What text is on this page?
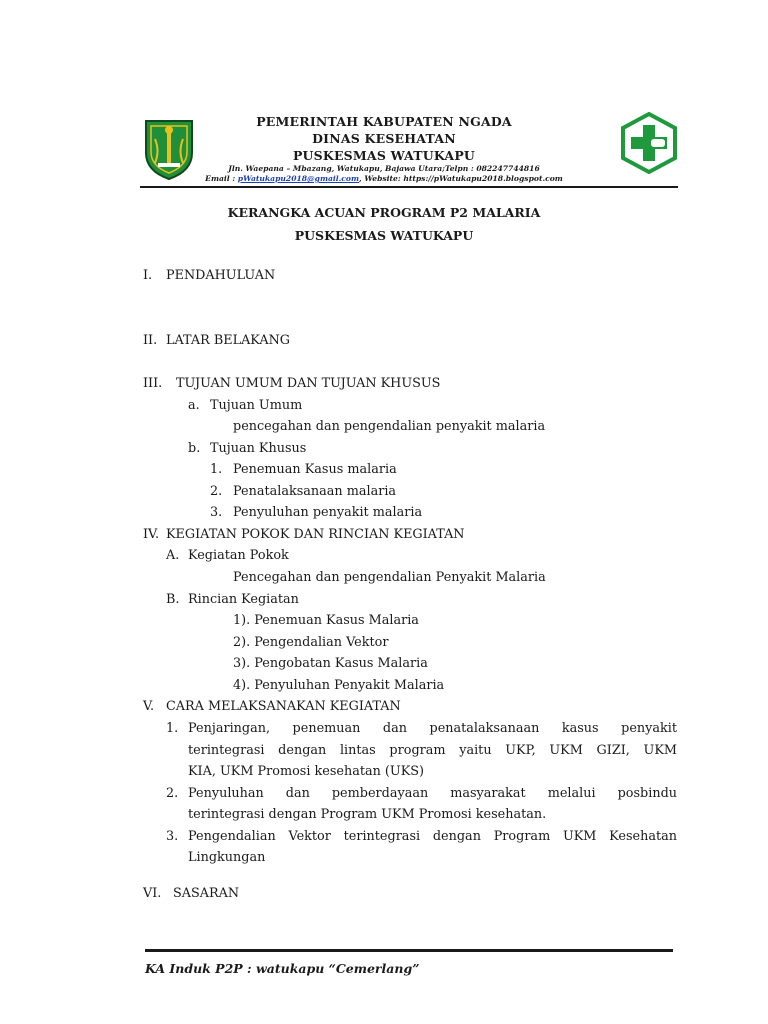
PEMERINTAH KABUPATEN NGADA
DINAS KESEHATAN
PUSKESMAS WATUKAPU
Jln. Waepana – Mbazang, Watukapu, Bajawa Utara;Telpn : 082247744816
Email : pWatukapu2018@gmail.com, Website: https://pWatukapu2018.blogspot.com
KERANGKA ACUAN PROGRAM P2 MALARIA
PUSKESMAS WATUKAPU
I. PENDAHULUAN
II. LATAR BELAKANG
III. TUJUAN UMUM DAN TUJUAN KHUSUS
a. Tujuan Umum
pencegahan dan pengendalian penyakit malaria
b. Tujuan Khusus
1. Penemuan Kasus malaria
2. Penatalaksanaan malaria
3. Penyuluhan penyakit malaria
IV. KEGIATAN POKOK DAN RINCIAN KEGIATAN
A. Kegiatan Pokok
Pencegahan dan pengendalian Penyakit Malaria
B. Rincian Kegiatan
1). Penemuan Kasus Malaria
2). Pengendalian Vektor
3). Pengobatan Kasus Malaria
4). Penyuluhan Penyakit Malaria
V. CARA MELAKSANAKAN KEGIATAN
1. Penjaringan, penemuan dan penatalaksanaan kasus penyakit
terintegrasi dengan lintas program yaitu UKP, UKM GIZI, UKM
KIA, UKM Promosi kesehatan (UKS)
2. Penyuluhan dan pemberdayaan masyarakat melalui posbindu
terintegrasi dengan Program UKM Promosi kesehatan.
3. Pengendalian Vektor terintegrasi dengan Program UKM Kesehatan
Lingkungan
VI. SASARAN
KA Induk P2P : watukapu “Cemerlang”
